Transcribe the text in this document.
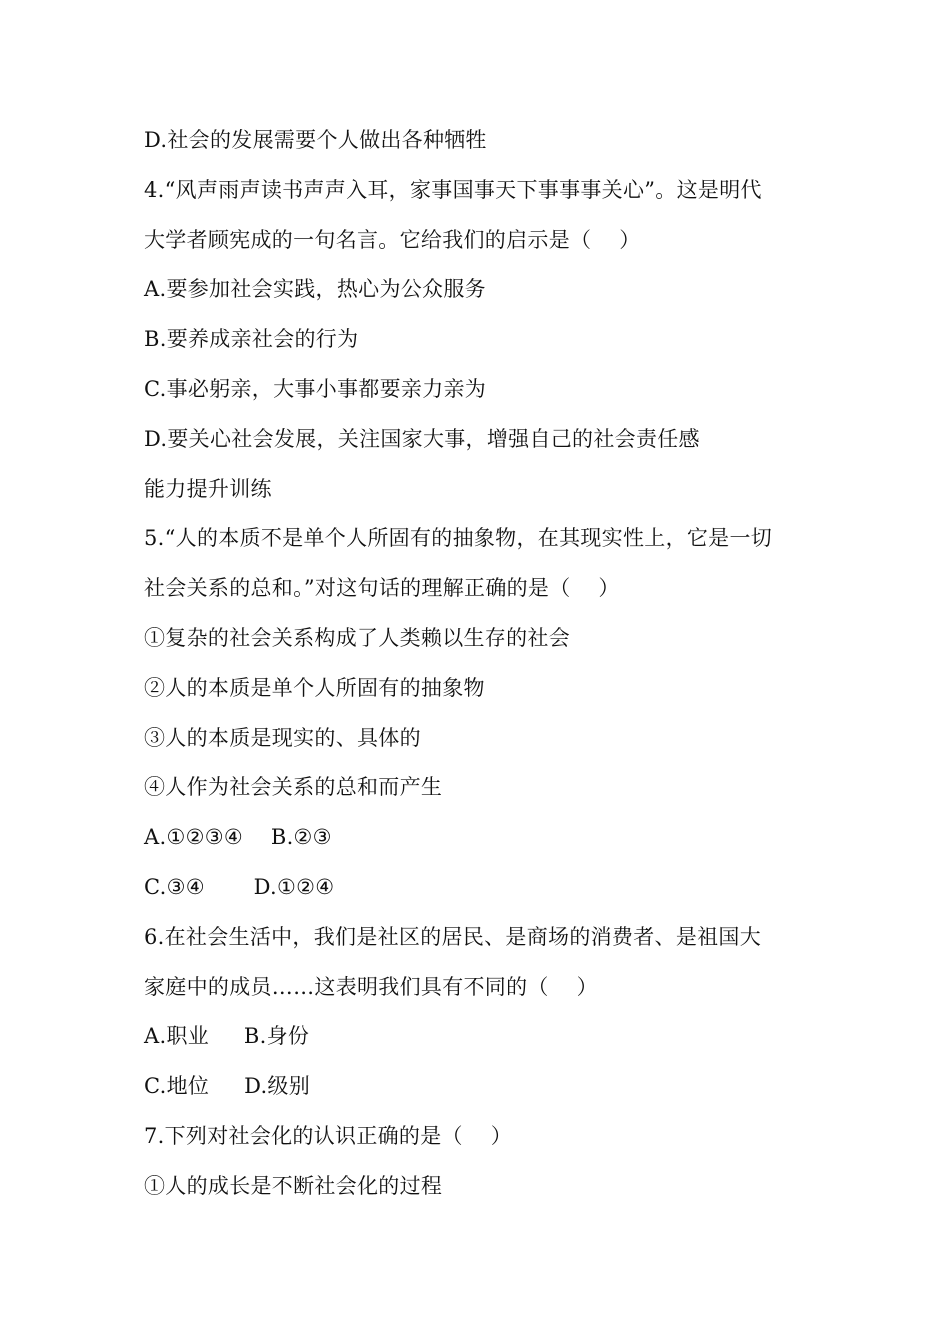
D.社会的发展需要个人做出各种牺牲
4.“风声雨声读书声声入耳，家事国事天下事事事关心”。这是明代
大学者顾宪成的一句名言。它给我们的启示是（    ）
A.要参加社会实践，热心为公众服务
B.要养成亲社会的行为
C.事必躬亲，大事小事都要亲力亲为
D.要关心社会发展，关注国家大事，增强自己的社会责任感
能力提升训练
5.“人的本质不是单个人所固有的抽象物，在其现实性上，它是一切
社会关系的总和。”对这句话的理解正确的是（    ）
①复杂的社会关系构成了人类赖以生存的社会
②人的本质是单个人所固有的抽象物
③人的本质是现实的、具体的
④人作为社会关系的总和而产生
A.①②③④    B.②③
C.③④       D.①②④
6.在社会生活中，我们是社区的居民、是商场的消费者、是祖国大
家庭中的成员……这表明我们具有不同的（    ）
A.职业     B.身份
C.地位     D.级别
7.下列对社会化的认识正确的是（    ）
①人的成长是不断社会化的过程
